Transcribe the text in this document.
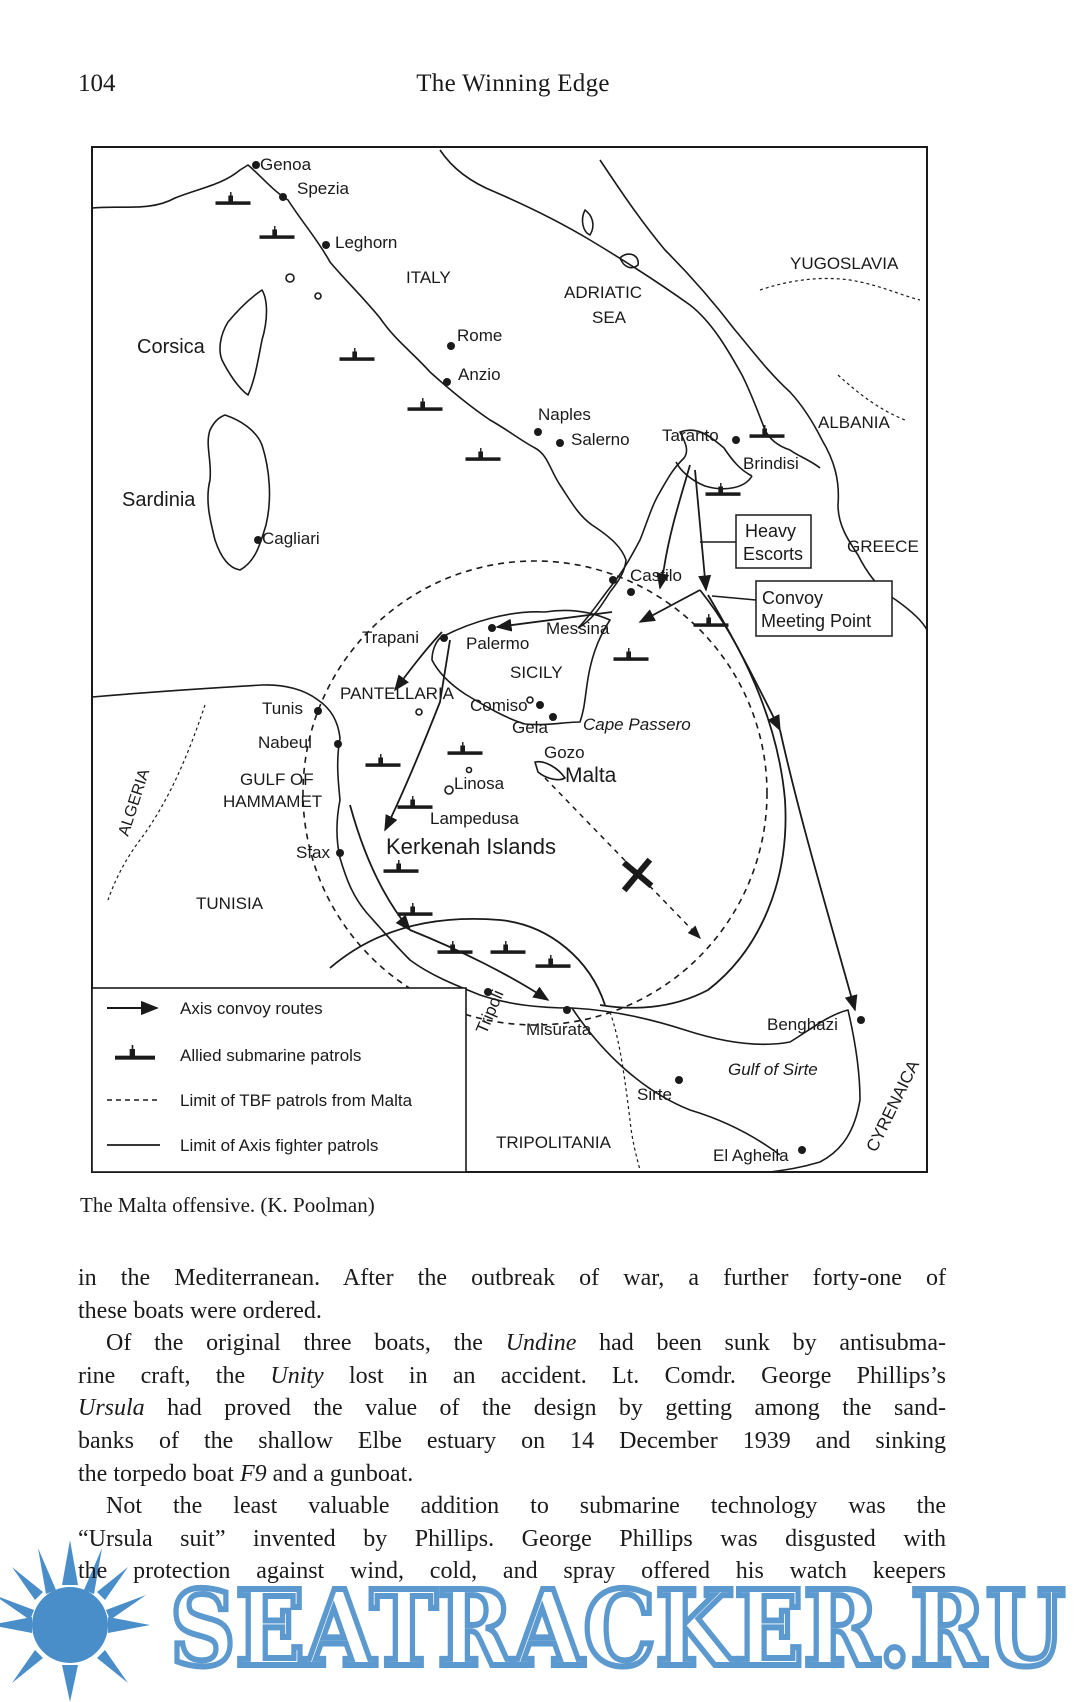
104	The Winning Edge
Genoa
Spezia
Leghorn
ITALY
YUGOSLAVIA
ADRIATIC
SEA
Corsica
Rome
Anzio
ALBANIA
Naples
Salerno Taranto
Brindisi
Sardinia
Cagliari	GREECE
Castilo
Trapani	Palermo
Messina
SICILY
PANTELLARIA
Tunis	Comiso
Gela Cape Passero
Nabeul
Gozo
Malta
GULF OF
HAMMAMET
Linosa
Lampedusa
ALGERIA
Sfax	Kerkenah Islands
TUNISIA
Tripoli Misurata	Benghazi
Gulf of Sirte
Sirte	CYRENAICA
TRIPOLITANIA
El Agheila
Heavy
Escorts
Convoy
Meeting Point
Axis convoy routes
Allied submarine patrols
Limit of TBF patrols from Malta
Limit of Axis fighter patrols
SEATRACKER.RU
The Malta offensive. (K. Poolman)

in the Mediterranean. After the outbreak of war, a further forty-one of

these boats were ordered.

Of the original three boats, the Undine had been sunk by antisubma-

rine craft, the Unity lost in an accident. Lt. Comdr. George Phillips’s

Ursula had proved the value of the design by getting among the sand-

banks of the shallow Elbe estuary on 14 December 1939 and sinking

the torpedo boat F9 and a gunboat.

Not the least valuable addition to submarine technology was the

“Ursula suit” invented by Phillips. George Phillips was disgusted with

the protection against wind, cold, and spray offered his watch keepers
